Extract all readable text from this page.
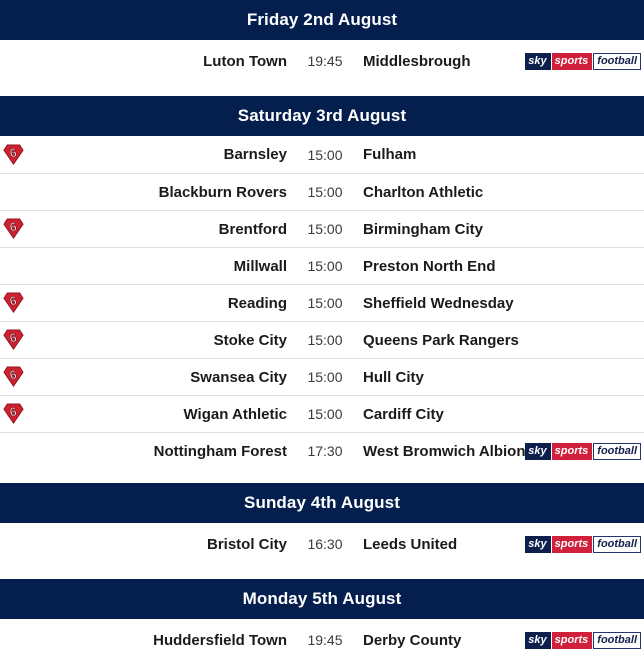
Friday 2nd August
Luton Town 19:45 Middlesbrough	sky sports football
Saturday 3rd August
6	Barnsley 15:00 Fulham
Blackburn Rovers 15:00 Charlton Athletic
6	Brentford 15:00 Birmingham City
Millwall 15:00 Preston North End
6	Reading 15:00 Sheffield Wednesday
6	Stoke City 15:00 Queens Park Rangers
6	Swansea City 15:00 Hull City
6	Wigan Athletic 15:00 Cardiff City
Nottingham Forest 17:30 West Bromwich Albion sky sports football
Sunday 4th August
Bristol City 16:30 Leeds United	sky sports football
Monday 5th August
Huddersfield Town 19:45 Derby County	sky sports football
